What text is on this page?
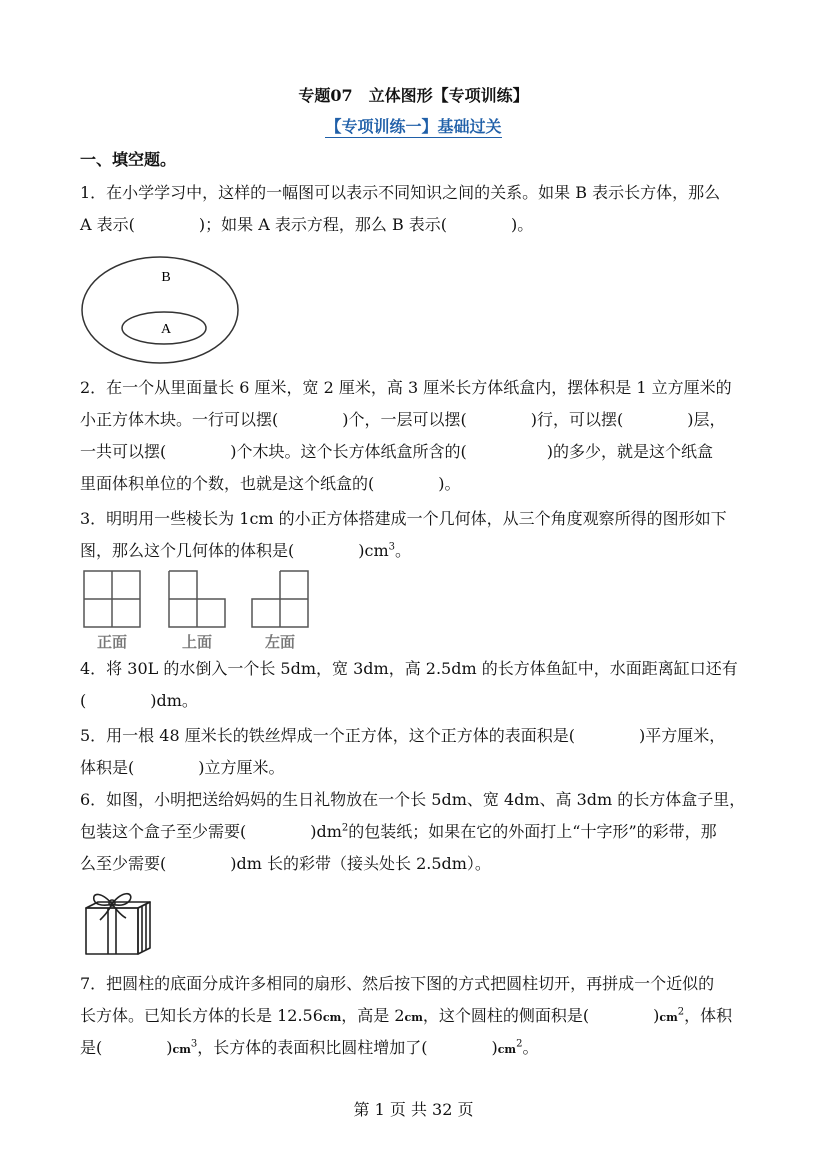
专题07　立体图形【专项训练】
【专项训练一】基础过关
一、填空题。
1．在小学学习中，这样的一幅图可以表示不同知识之间的关系。如果 B 表示长方体，那么
A 表示(　　　　)；如果 A 表示方程，那么 B 表示(　　　　)。
B
A
2．在一个从里面量长 6 厘米，宽 2 厘米，高 3 厘米长方体纸盒内，摆体积是 1 立方厘米的
小正方体木块。一行可以摆(　　　　)个，一层可以摆(　　　　)行，可以摆(　　　　)层，
一共可以摆(　　　　)个木块。这个长方体纸盒所含的(　　　　　)的多少，就是这个纸盒
里面体积单位的个数，也就是这个纸盒的(　　　　)。
3．明明用一些棱长为 1cm 的小正方体搭建成一个几何体，从三个角度观察所得的图形如下
图，那么这个几何体的体积是(　　　　)$cm^3$。
正面	上面	左面
4．将 30L 的水倒入一个长 5dm，宽 3dm，高 2.5dm 的长方体鱼缸中，水面距离缸口还有
(　　　　)dm。
5．用一根 48 厘米长的铁丝焊成一个正方体，这个正方体的表面积是(　　　　)平方厘米，
体积是(　　　　)立方厘米。
6．如图，小明把送给妈妈的生日礼物放在一个长 5dm、宽 4dm、高 3dm 的长方体盒子里，
包装这个盒子至少需要(　　　　)$dm^2$的包装纸；如果在它的外面打上“十字形”的彩带，那
么至少需要(　　　　)dm 长的彩带（接头处长 2.5dm）。
7．把圆柱的底面分成许多相同的扇形、然后按下图的方式把圆柱切开，再拼成一个近似的
长方体。已知长方体的长是 12.56cm，高是 2cm，这个圆柱的侧面积是(　　　　)$cm^2$，体积
是(　　　　)$cm^3$，长方体的表面积比圆柱增加了(　　　　)$cm^2$。
第 1 页 共 32 页
